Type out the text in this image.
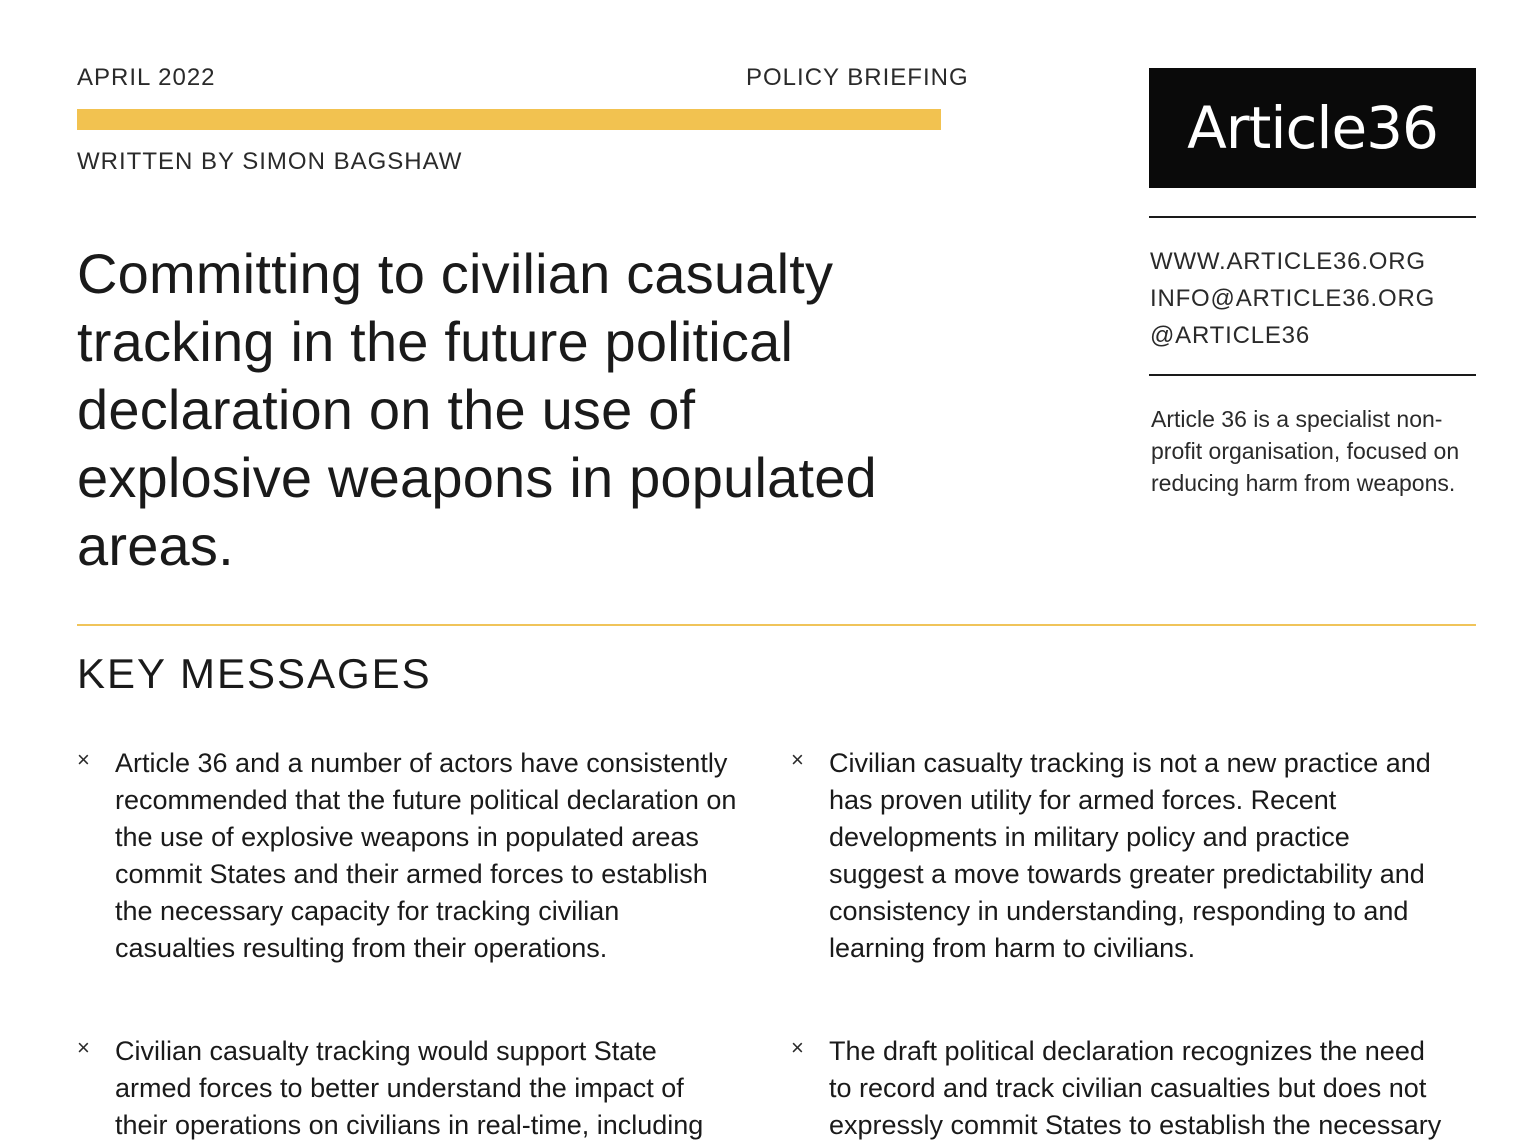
APRIL 2022	POLICY BRIEFING
WRITTEN BY SIMON BAGSHAW
Committing to civilian casualty tracking in the future political declaration on the use of explosive weapons in populated areas.
Article36
WWW.ARTICLE36.ORG
INFO@ARTICLE36.ORG
@ARTICLE36

Article 36 is a specialist non-profit organisation, focused on reducing harm from weapons.

KEY MESSAGES
× Article 36 and a number of actors have consistently recommended that the future political declaration on the use of explosive weapons in populated areas commit States and their armed forces to establish the necessary capacity for tracking civilian casualties resulting from their operations.

× Civilian casualty tracking is not a new practice and has proven utility for armed forces. Recent developments in military policy and practice suggest a move towards greater predictability and consistency in understanding, responding to and learning from harm to civilians.

× Civilian casualty tracking would support State armed forces to better understand the impact of their operations on civilians in real-time, including

× The draft political declaration recognizes the need to record and track civilian casualties but does not expressly commit States to establish the necessary
